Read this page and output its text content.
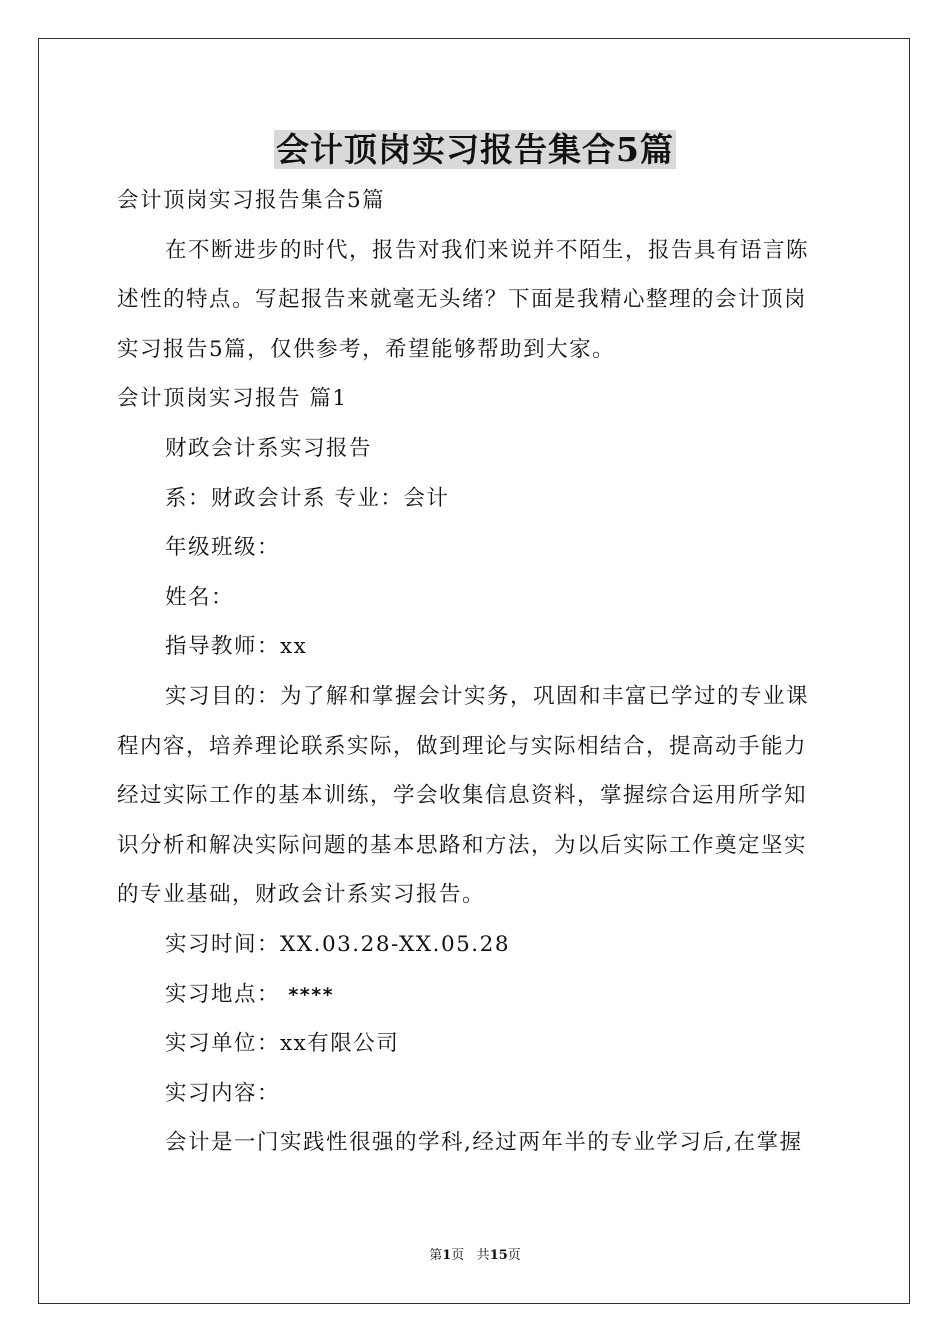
会计顶岗实习报告集合5篇
会计顶岗实习报告集合5篇
在不断进步的时代，报告对我们来说并不陌生，报告具有语言陈
述性的特点。写起报告来就毫无头绪？下面是我精心整理的会计顶岗
实习报告5篇，仅供参考，希望能够帮助到大家。
会计顶岗实习报告 篇1
财政会计系实习报告
系：财政会计系 专业：会计
年级班级：
姓名：
指导教师：xx
实习目的：为了解和掌握会计实务，巩固和丰富已学过的专业课
程内容，培养理论联系实际，做到理论与实际相结合，提高动手能力
经过实际工作的基本训练，学会收集信息资料，掌握综合运用所学知
识分析和解决实际问题的基本思路和方法，为以后实际工作奠定坚实
的专业基础，财政会计系实习报告。
实习时间：XX.03.28-XX.05.28
实习地点： ****
实习单位：xx有限公司
实习内容：
会计是一门实践性很强的学科,经过两年半的专业学习后,在掌握
第1页 共15页
